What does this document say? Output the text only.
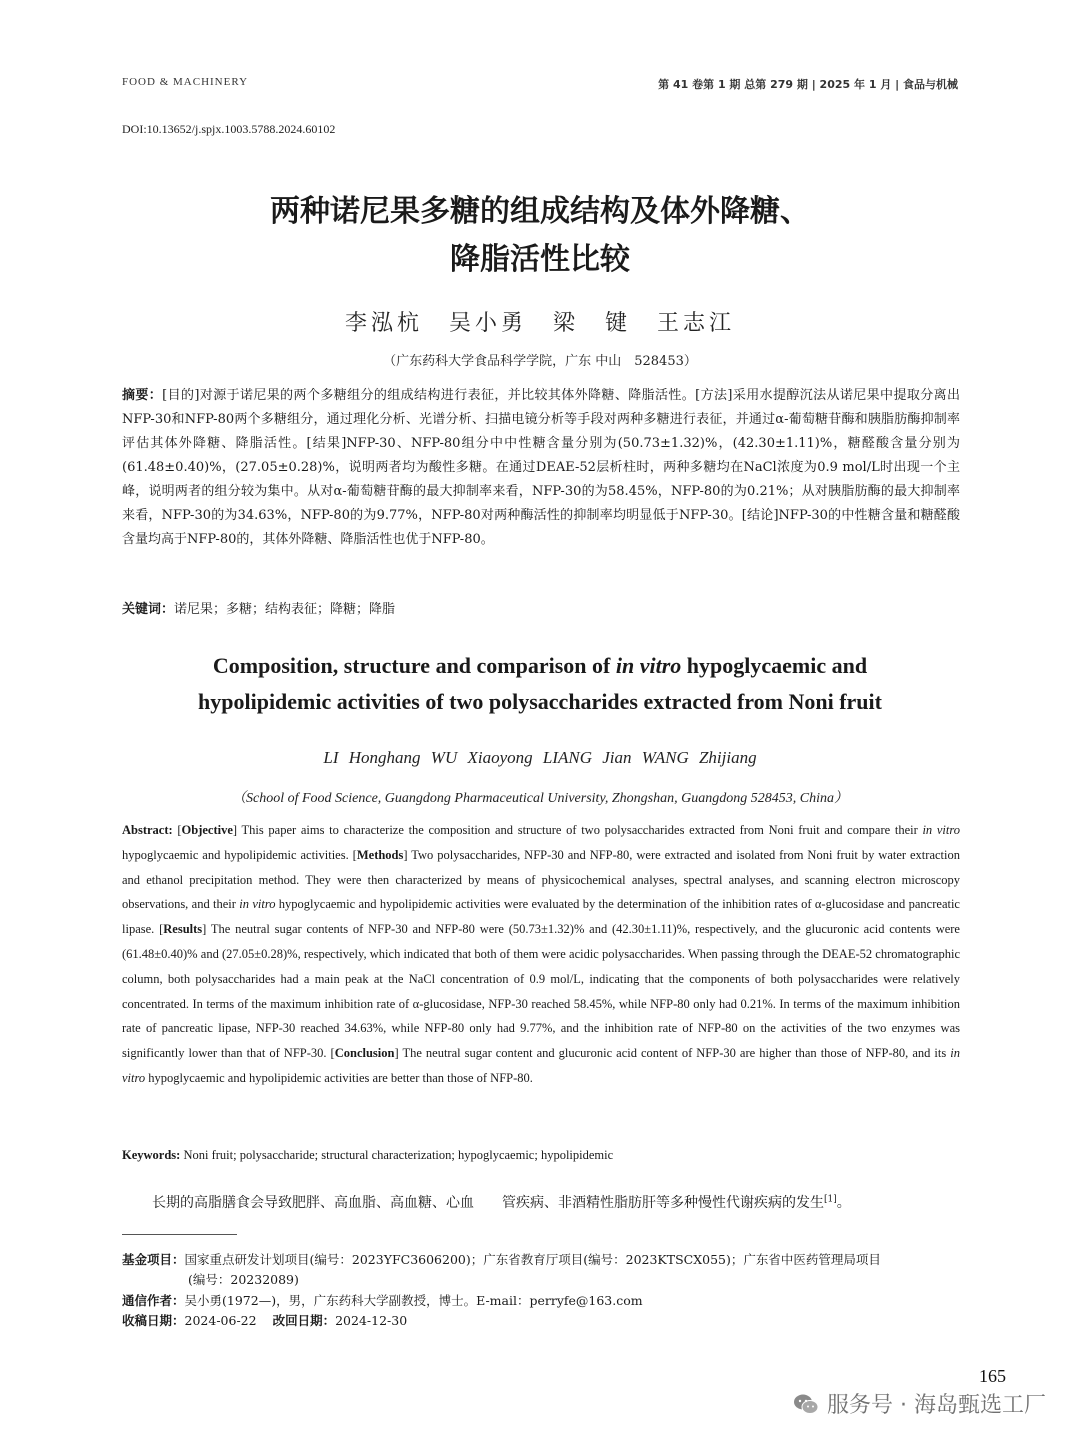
FOOD & MACHINERY	第 41 卷第 1 期 总第 279 期 | 2025 年 1 月 | 食品与机械
DOI:10.13652/j.spjx.1003.5788.2024.60102
两种诺尼果多糖的组成结构及体外降糖、
降脂活性比较
李泓杭　吴小勇　梁　键　王志江
（广东药科大学食品科学学院，广东 中山　528453）
摘要：[目的]对源于诺尼果的两个多糖组分的组成结构进行表征，并比较其体外降糖、降脂活性。[方法]采用水提醇沉法从诺尼果中提取分离出NFP-30和NFP-80两个多糖组分，通过理化分析、光谱分析、扫描电镜分析等手段对两种多糖进行表征，并通过α-葡萄糖苷酶和胰脂肪酶抑制率评估其体外降糖、降脂活性。[结果]NFP-30、NFP-80组分中中性糖含量分别为(50.73±1.32)%，(42.30±1.11)%，糖醛酸含量分别为(61.48±0.40)%，(27.05±0.28)%，说明两者均为酸性多糖。在通过DEAE-52层析柱时，两种多糖均在NaCl浓度为0.9 mol/L时出现一个主峰，说明两者的组分较为集中。从对α-葡萄糖苷酶的最大抑制率来看，NFP-30的为58.45%，NFP-80的为0.21%；从对胰脂肪酶的最大抑制率来看，NFP-30的为34.63%，NFP-80的为9.77%，NFP-80对两种酶活性的抑制率均明显低于NFP-30。[结论]NFP-30的中性糖含量和糖醛酸含量均高于NFP-80的，其体外降糖、降脂活性也优于NFP-80。
关键词：诺尼果；多糖；结构表征；降糖；降脂
Composition, structure and comparison of in vitro hypoglycaemic and
hypolipidemic activities of two polysaccharides extracted from Noni fruit
LI Honghang WU Xiaoyong LIANG Jian WANG Zhijiang
（School of Food Science, Guangdong Pharmaceutical University, Zhongshan, Guangdong 528453, China）
Abstract: [Objective] This paper aims to characterize the composition and structure of two polysaccharides extracted from Noni fruit and compare their in vitro hypoglycaemic and hypolipidemic activities. [Methods] Two polysaccharides, NFP-30 and NFP-80, were extracted and isolated from Noni fruit by water extraction and ethanol precipitation method. They were then characterized by means of physicochemical analyses, spectral analyses, and scanning electron microscopy observations, and their in vitro hypoglycaemic and hypolipidemic activities were evaluated by the determination of the inhibition rates of α-glucosidase and pancreatic lipase. [Results] The neutral sugar contents of NFP-30 and NFP-80 were (50.73±1.32)% and (42.30±1.11)%, respectively, and the glucuronic acid contents were (61.48±0.40)% and (27.05±0.28)%, respectively, which indicated that both of them were acidic polysaccharides. When passing through the DEAE-52 chromatographic column, both polysaccharides had a main peak at the NaCl concentration of 0.9 mol/L, indicating that the components of both polysaccharides were relatively concentrated. In terms of the maximum inhibition rate of α-glucosidase, NFP-30 reached 58.45%, while NFP-80 only had 0.21%. In terms of the maximum inhibition rate of pancreatic lipase, NFP-30 reached 34.63%, while NFP-80 only had 9.77%, and the inhibition rate of NFP-80 on the activities of the two enzymes was significantly lower than that of NFP-30. [Conclusion] The neutral sugar content and glucuronic acid content of NFP-30 are higher than those of NFP-80, and its in vitro hypoglycaemic and hypolipidemic activities are better than those of NFP-80.
Keywords: Noni fruit; polysaccharide; structural characterization; hypoglycaemic; hypolipidemic
长期的高脂膳食会导致肥胖、高血脂、高血糖、心血　　管疾病、非酒精性脂肪肝等多种慢性代谢疾病的发生[1]。
基金项目：国家重点研发计划项目(编号：2023YFC3606200)；广东省教育厅项目(编号：2023KTSCX055)；广东省中医药管理局项目
(编号：20232089)
通信作者：吴小勇(1972—)，男，广东药科大学副教授，博士。E-mail：perryfe@163.com
收稿日期：2024-06-22 改回日期：2024-12-30
165
服务号 · 海岛甄选工厂
